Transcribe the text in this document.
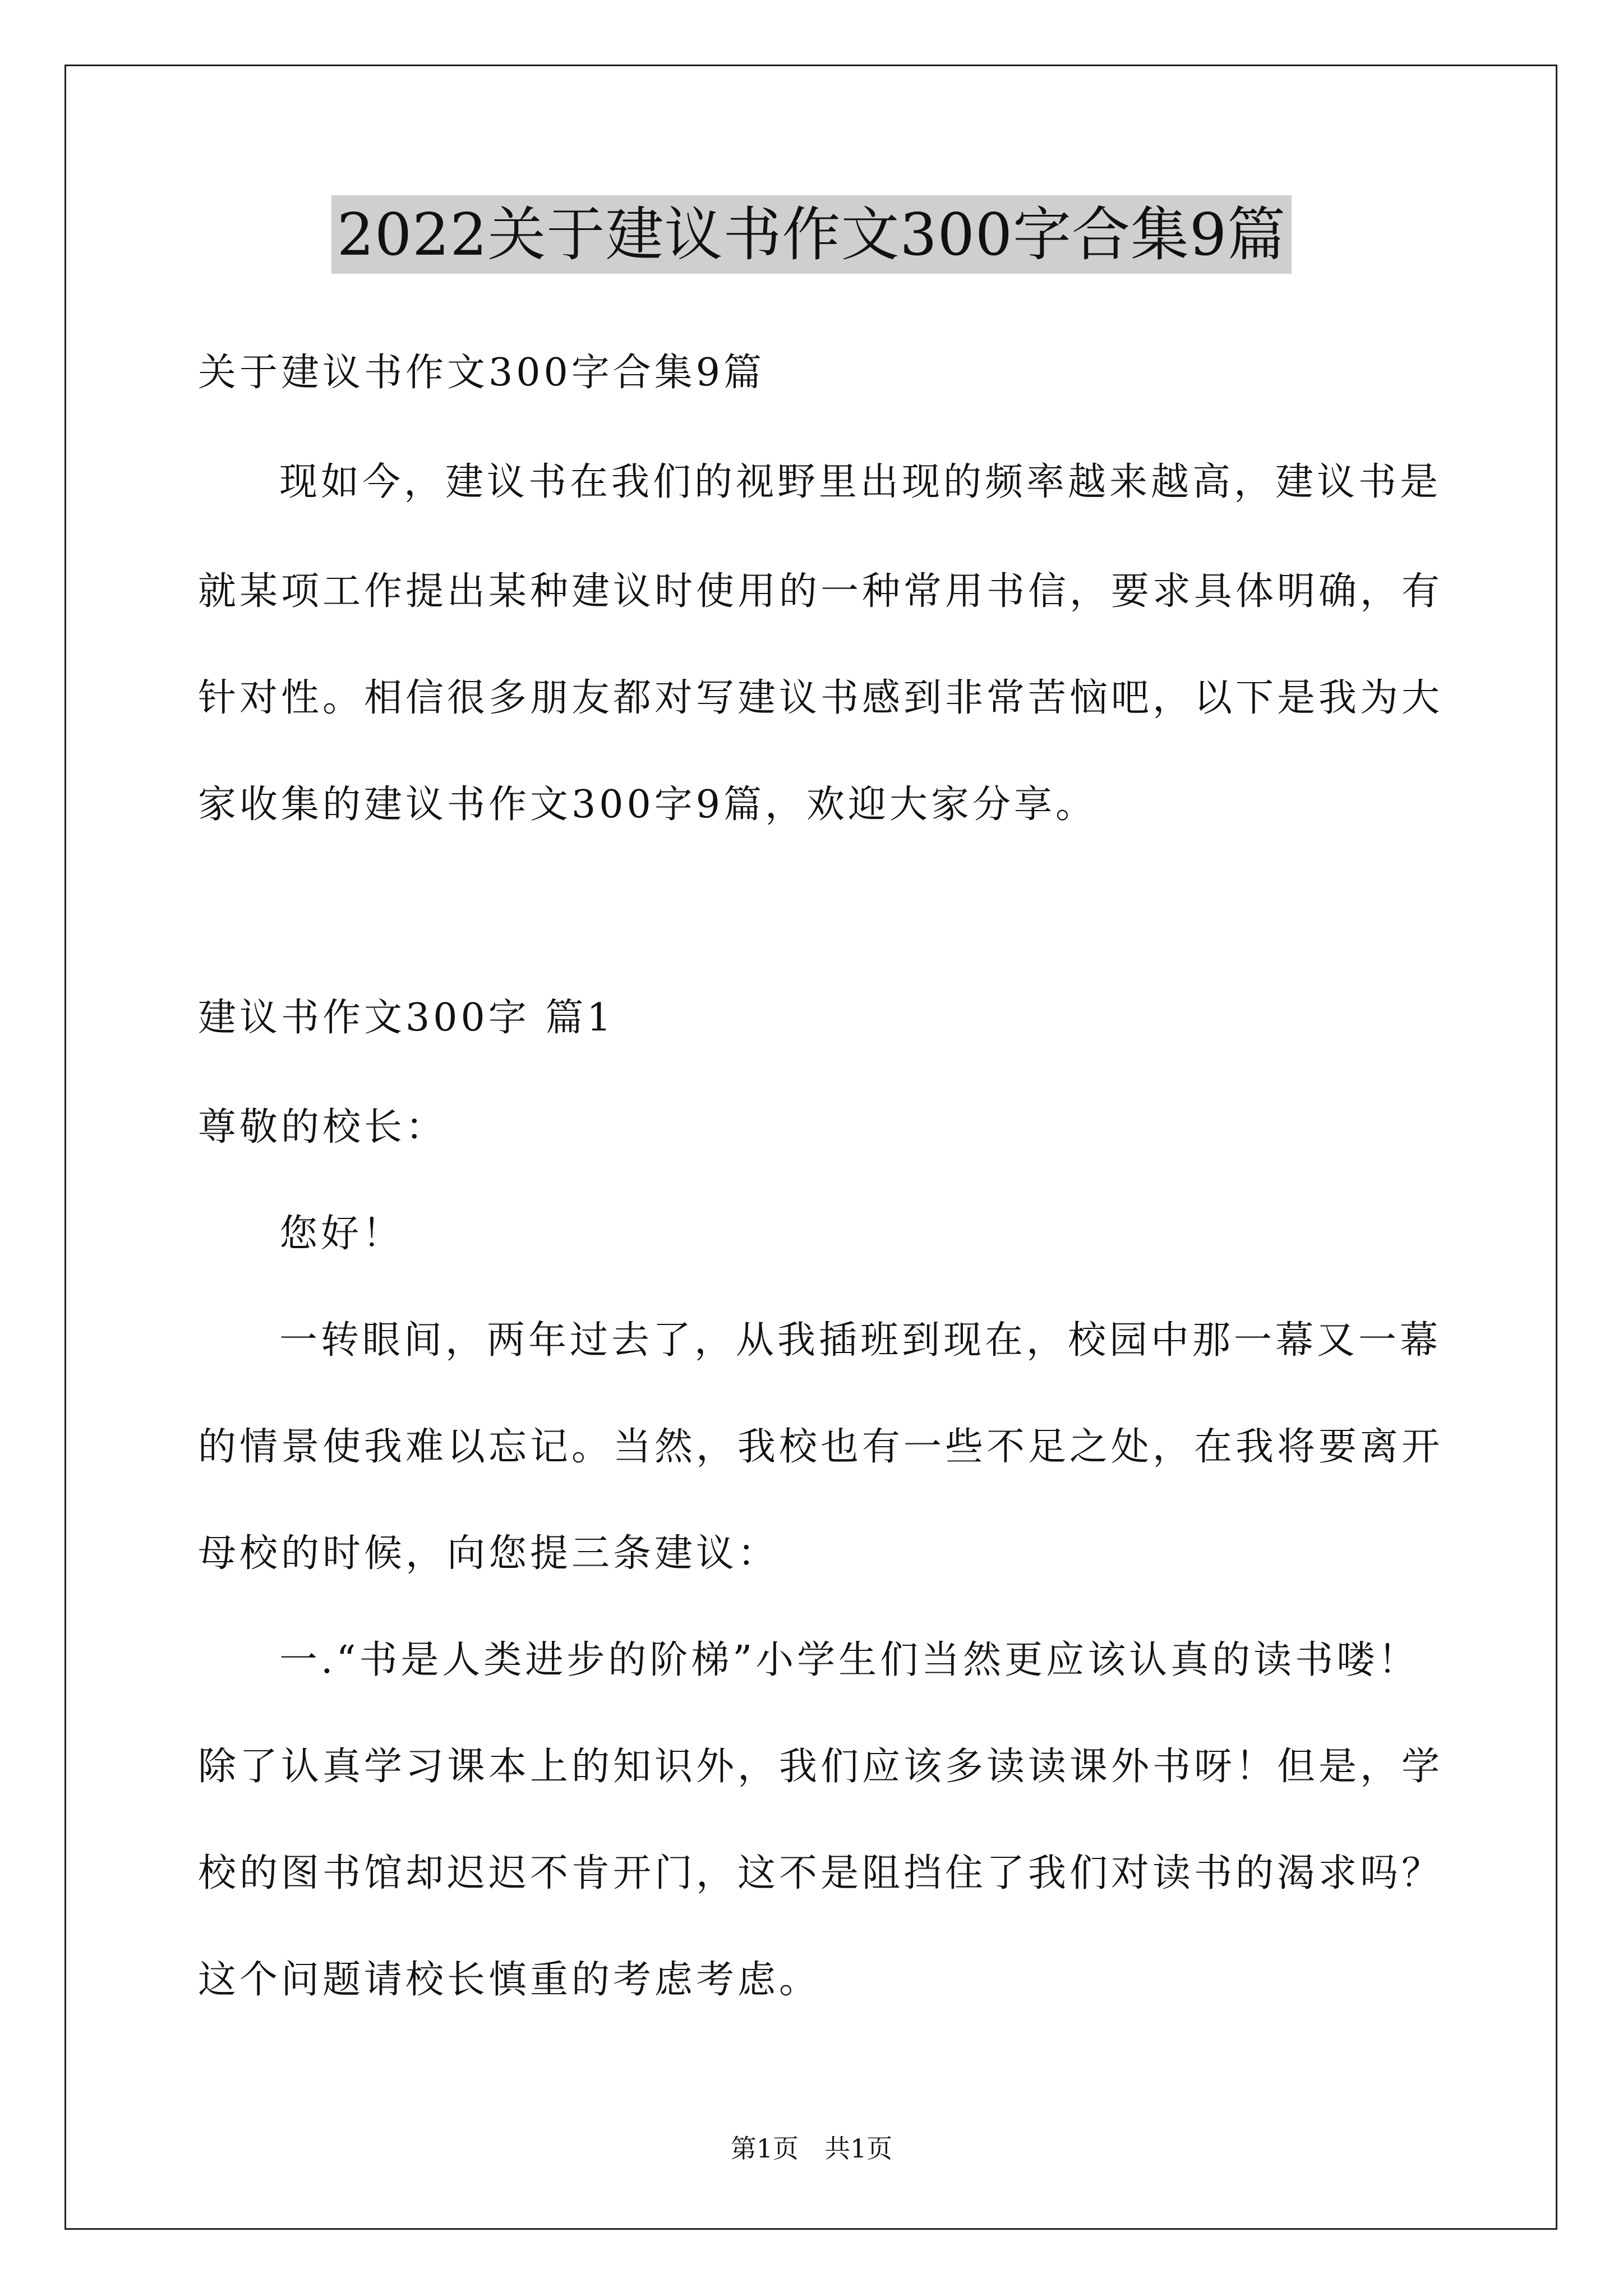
2022关于建议书作文300字合集9篇
关于建议书作文300字合集9篇
现如今，建议书在我们的视野里出现的频率越来越高，建议书是
就某项工作提出某种建议时使用的一种常用书信，要求具体明确，有
针对性。相信很多朋友都对写建议书感到非常苦恼吧，以下是我为大
家收集的建议书作文300字9篇，欢迎大家分享。
建议书作文300字 篇1
尊敬的校长：
您好！
一转眼间，两年过去了，从我插班到现在，校园中那一幕又一幕
的情景使我难以忘记。当然，我校也有一些不足之处，在我将要离开
母校的时候，向您提三条建议：
一.“书是人类进步的阶梯”小学生们当然更应该认真的读书喽！
除了认真学习课本上的知识外，我们应该多读读课外书呀！但是，学
校的图书馆却迟迟不肯开门，这不是阻挡住了我们对读书的渴求吗？
这个问题请校长慎重的考虑考虑。
第1页　共1页
